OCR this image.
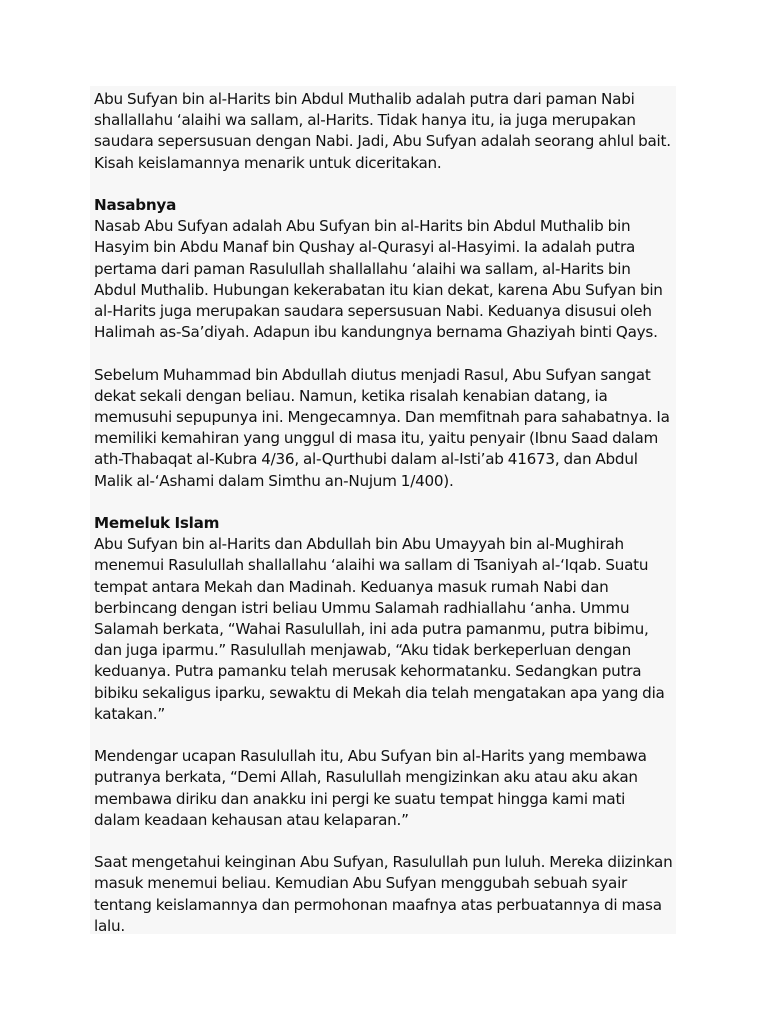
Abu Sufyan bin al-Harits bin Abdul Muthalib adalah putra dari paman Nabi
shallallahu ‘alaihi wa sallam, al-Harits. Tidak hanya itu, ia juga merupakan
saudara sepersusuan dengan Nabi. Jadi, Abu Sufyan adalah seorang ahlul bait.
Kisah keislamannya menarik untuk diceritakan.

Nasabnya

Nasab Abu Sufyan adalah Abu Sufyan bin al-Harits bin Abdul Muthalib bin
Hasyim bin Abdu Manaf bin Qushay al-Qurasyi al-Hasyimi. Ia adalah putra
pertama dari paman Rasulullah shallallahu ‘alaihi wa sallam, al-Harits bin
Abdul Muthalib. Hubungan kekerabatan itu kian dekat, karena Abu Sufyan bin
al-Harits juga merupakan saudara sepersusuan Nabi. Keduanya disusui oleh
Halimah as-Sa’diyah. Adapun ibu kandungnya bernama Ghaziyah binti Qays.

Sebelum Muhammad bin Abdullah diutus menjadi Rasul, Abu Sufyan sangat
dekat sekali dengan beliau. Namun, ketika risalah kenabian datang, ia
memusuhi sepupunya ini. Mengecamnya. Dan memfitnah para sahabatnya. Ia
memiliki kemahiran yang unggul di masa itu, yaitu penyair (Ibnu Saad dalam
ath-Thabaqat al-Kubra 4/36, al-Qurthubi dalam al-Isti’ab 41673, dan Abdul
Malik al-‘Ashami dalam Simthu an-Nujum 1/400).

Memeluk Islam

Abu Sufyan bin al-Harits dan Abdullah bin Abu Umayyah bin al-Mughirah
menemui Rasulullah shallallahu ‘alaihi wa sallam di Tsaniyah al-‘Iqab. Suatu
tempat antara Mekah dan Madinah. Keduanya masuk rumah Nabi dan
berbincang dengan istri beliau Ummu Salamah radhiallahu ‘anha. Ummu
Salamah berkata, “Wahai Rasulullah, ini ada putra pamanmu, putra bibimu,
dan juga iparmu.” Rasulullah menjawab, “Aku tidak berkeperluan dengan
keduanya. Putra pamanku telah merusak kehormatanku. Sedangkan putra
bibiku sekaligus iparku, sewaktu di Mekah dia telah mengatakan apa yang dia
katakan.”

Mendengar ucapan Rasulullah itu, Abu Sufyan bin al-Harits yang membawa
putranya berkata, “Demi Allah, Rasulullah mengizinkan aku atau aku akan
membawa diriku dan anakku ini pergi ke suatu tempat hingga kami mati
dalam keadaan kehausan atau kelaparan.”

Saat mengetahui keinginan Abu Sufyan, Rasulullah pun luluh. Mereka diizinkan
masuk menemui beliau. Kemudian Abu Sufyan menggubah sebuah syair
tentang keislamannya dan permohonan maafnya atas perbuatannya di masa
lalu.
